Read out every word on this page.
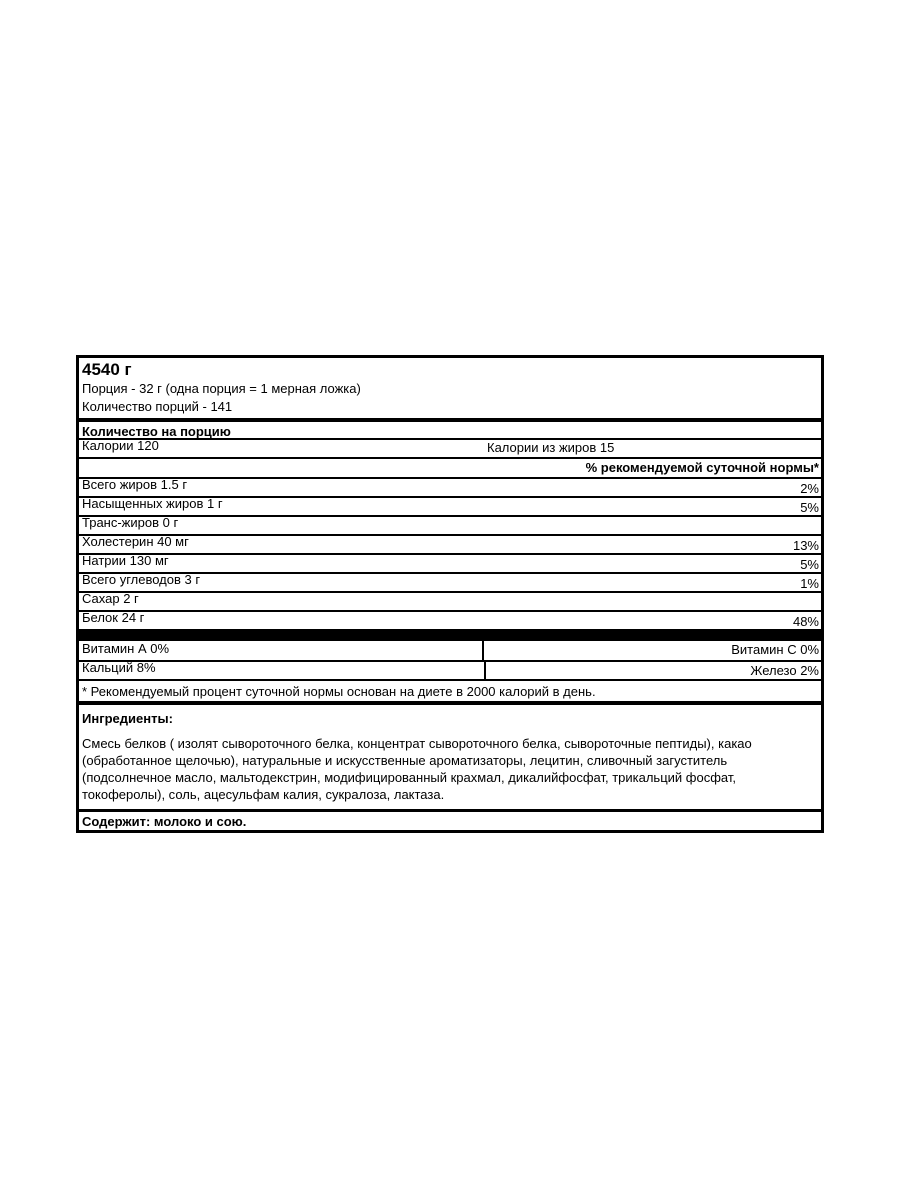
4540 г
Порция - 32 г (одна порция = 1 мерная ложка)
Количество порций - 141
Количество на порцию
Калории 120	Калории из жиров 15
% рекомендуемой суточной нормы*
Всего жиров 1.5 г	2%
Насыщенных жиров 1 г	5%
Транс-жиров 0 г
Холестерин 40 мг	13%
Натрии 130 мг	5%
Всего углеводов 3 г	1%
Сахар 2 г
Белок 24 г	48%
Витамин А 0%	Витамин С 0%
Кальций 8%	Железо 2%
* Рекомендуемый процент суточной нормы основан на диете в 2000 калорий в день.
Ингредиенты:
Смесь белков ( изолят сывороточного белка, концентрат сывороточного белка, сывороточные пептиды), какао (обработанное щелочью), натуральные и искусственные ароматизаторы, лецитин, сливочный загуститель (подсолнечное масло, мальтодекстрин, модифицированный крахмал, дикалийфосфат, трикальций фосфат, токоферолы), соль, ацесульфам калия, сукралоза, лактаза.
Содержит: молоко и сою.
